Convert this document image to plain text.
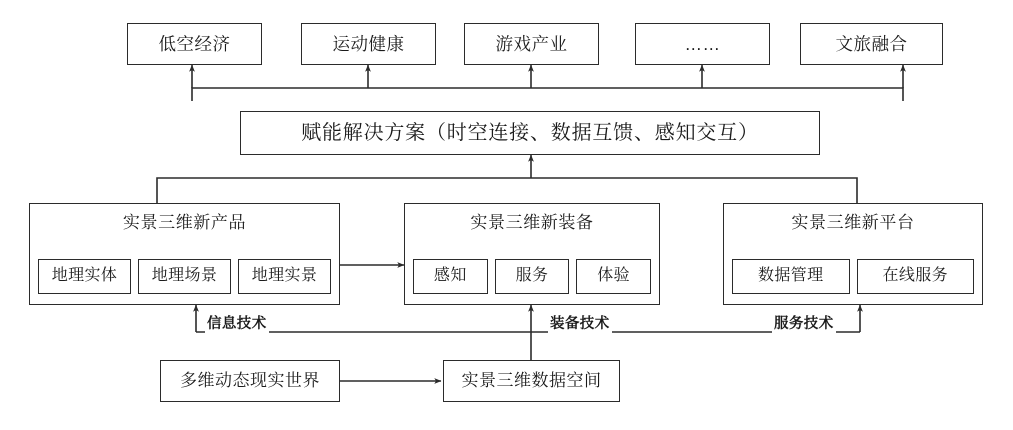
低空经济	运动健康	游戏产业	……	文旅融合
赋能解决方案（时空连接、数据互馈、感知交互）
实景三维新产品
地理实体	地理场景	地理实景
实景三维新装备
感知	服务	体验
实景三维新平台
数据管理	在线服务
信息技术	装备技术	服务技术
多维动态现实世界	实景三维数据空间
